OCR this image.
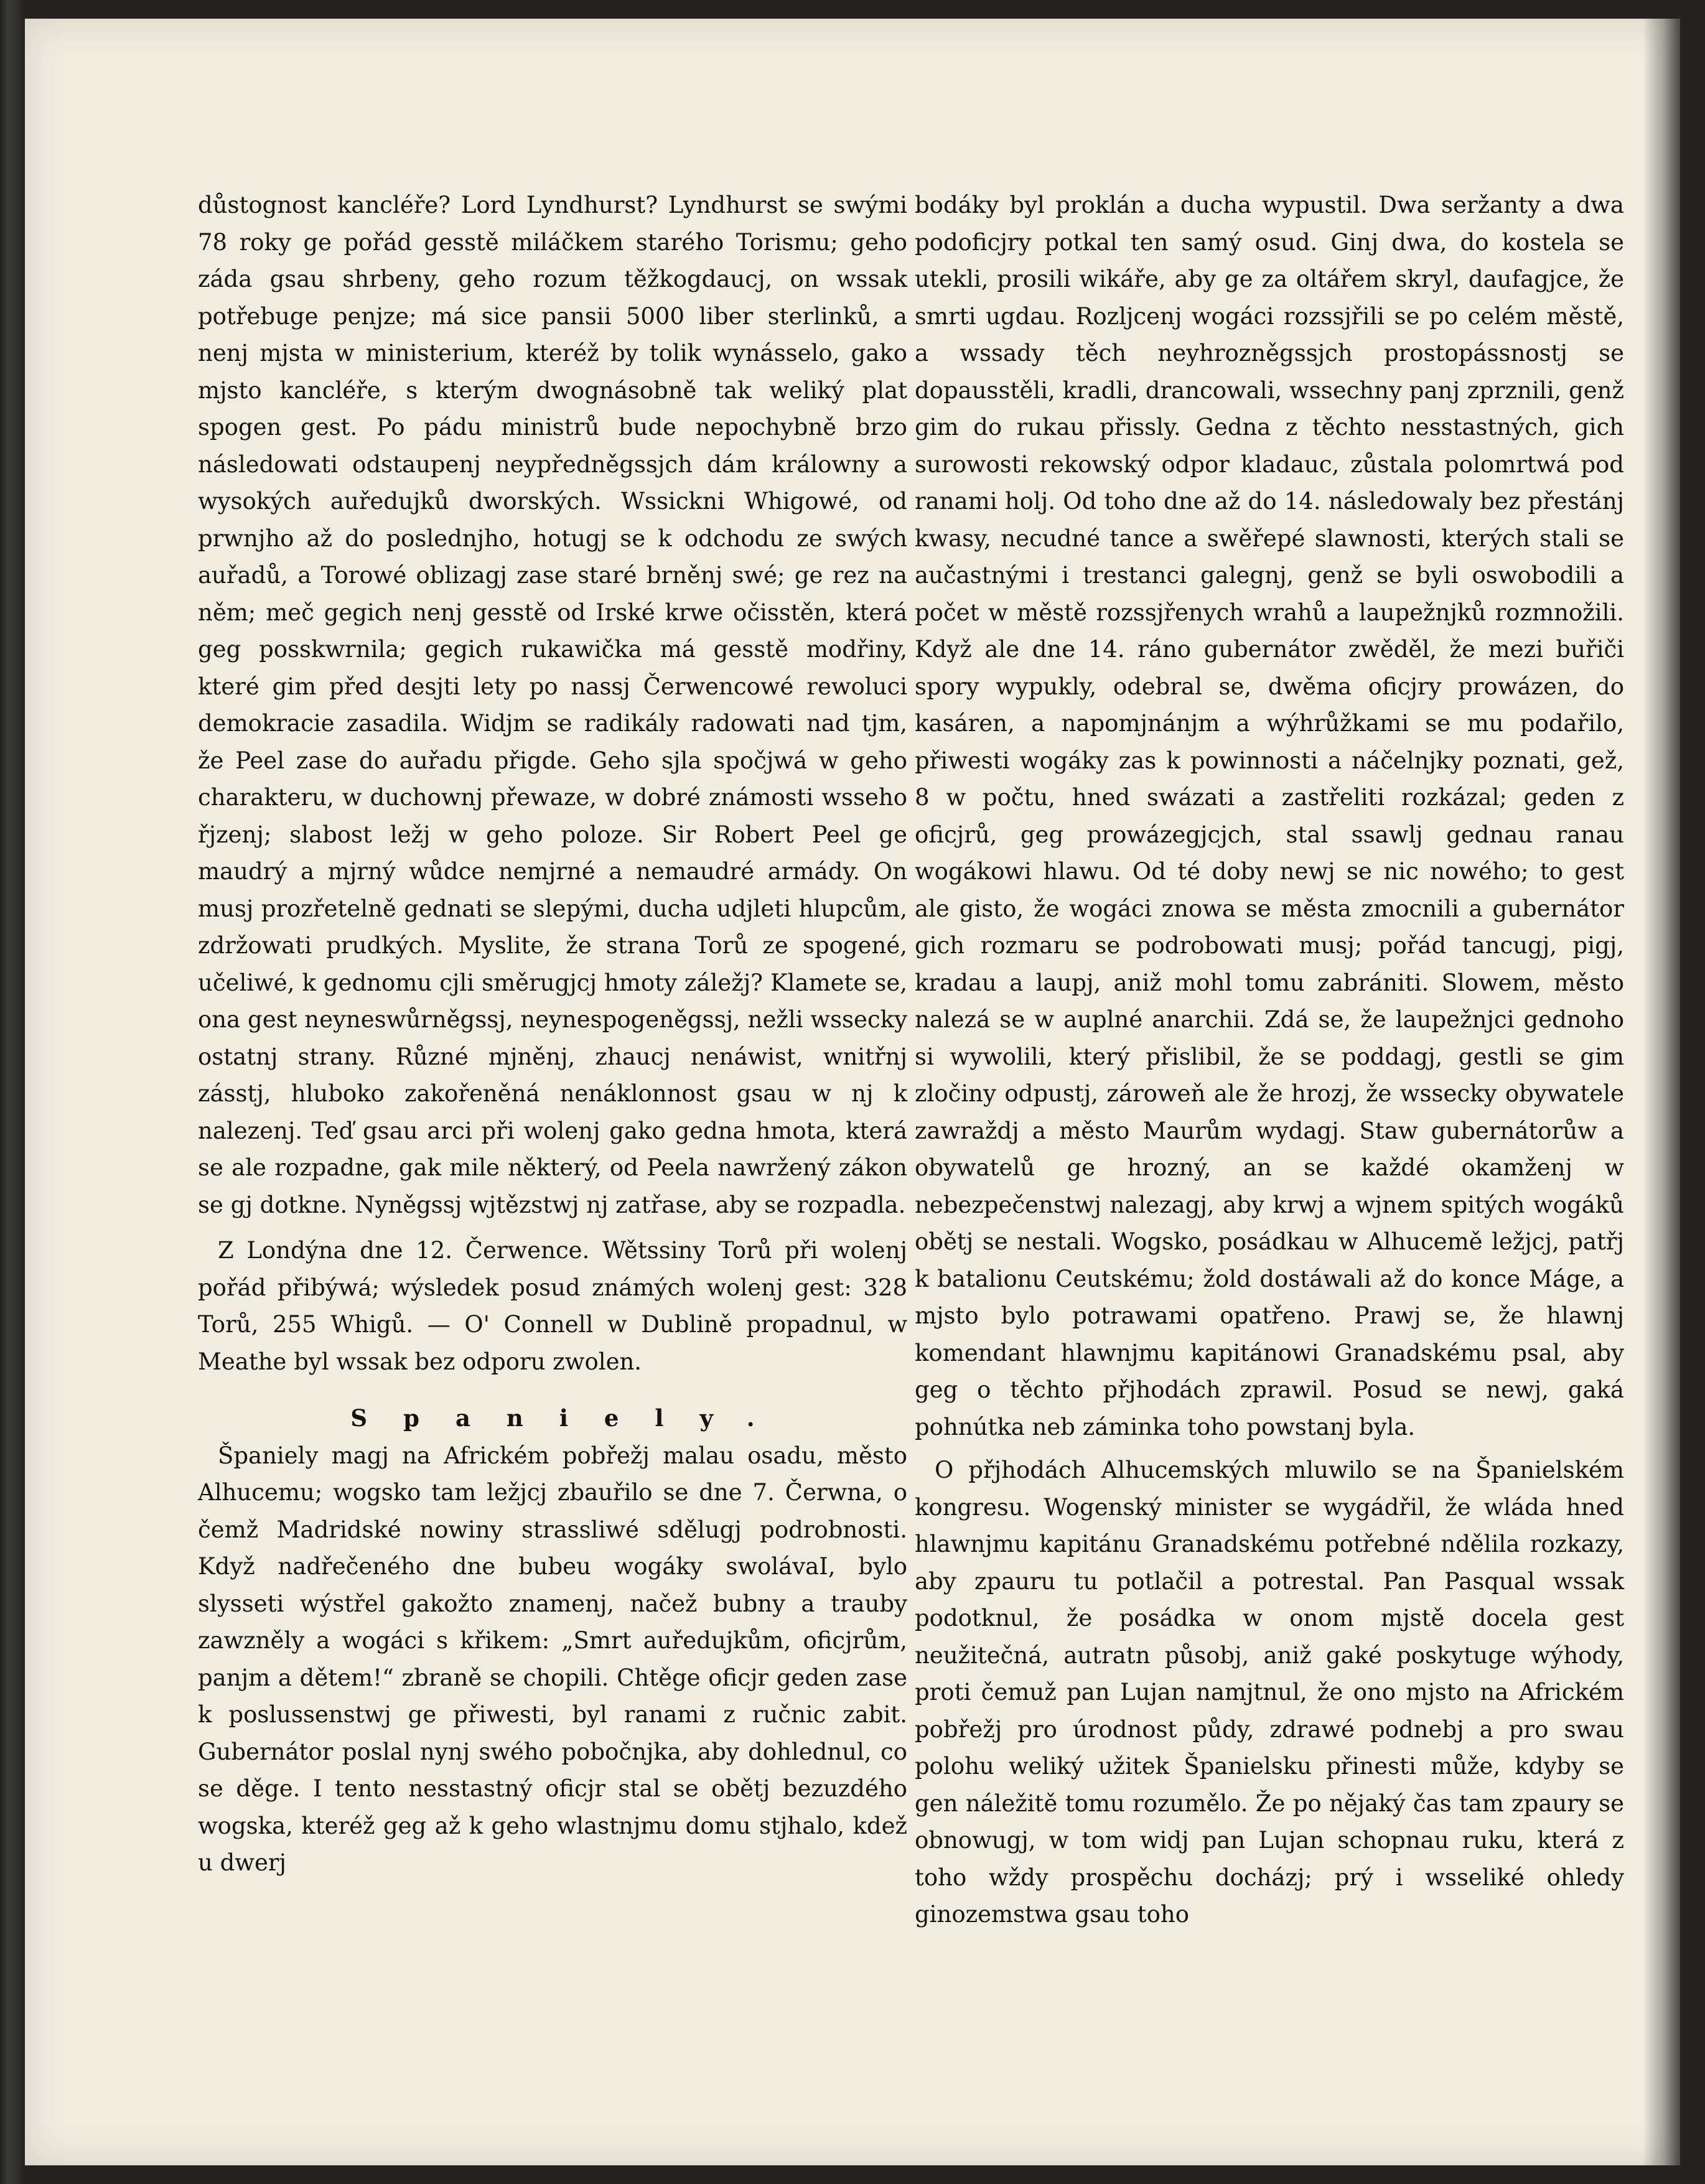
důstognost kancléře? Lord Lyndhurst? Lyndhurst se swými 78 roky ge pořád gesstě miláčkem starého Torismu; geho záda gsau shrbeny, geho rozum těžkogdaucj, on wssak potřebuge penjze; má sice pansii 5000 liber sterlinků, a nenj mjsta w ministerium, kteréž by tolik wynásselo, gako mjsto kancléře, s kterým dwognásobně tak weliký plat spogen gest. Po pádu ministrů bude nepochybně brzo následowati odstaupenj neypředněgssjch dám králowny a wysokých auředujků dworských. Wssickni Whigowé, od prwnjho až do poslednjho, hotugj se k odchodu ze swých auřadů, a Torowé oblizagj zase staré brněnj swé; ge rez na něm; meč gegich nenj gesstě od Irské krwe očisstěn, která geg posskwrnila; gegich rukawička má gesstě modřiny, které gim před desjti lety po nassj Čerwencowé rewoluci demokracie zasadila. Widjm se radikály radowati nad tjm, že Peel zase do auřadu přigde. Geho sjla spočjwá w geho charakteru, w duchownj přewaze, w dobré známosti wsseho řjzenj; slabost ležj w geho poloze. Sir Robert Peel ge maudrý a mjrný wůdce nemjrné a nemaudré armády. On musj prozřetelně gednati se slepými, ducha udjleti hlupcům, zdržowati prudkých. Myslite, že strana Torů ze spogené, učeliwé, k gednomu cjli směrugjcj hmoty záležj? Klamete se, ona gest neyneswůrněgssj, neynespogeněgssj, nežli wssecky ostatnj strany. Různé mjněnj, zhaucj nenáwist, wnitřnj zásstj, hluboko zakořeněná nenáklonnost gsau w nj k nalezenj. Teď gsau arci při wolenj gako gedna hmota, která se ale rozpadne, gak mile některý, od Peela nawržený zákon se gj dotkne. Nyněgssj wjtězstwj nj zatřase, aby se rozpadla.

Z Londýna dne 12. Čerwence. Wětssiny Torů při wolenj pořád přibýwá; wýsledek posud známých wolenj gest: 328 Torů, 255 Whigů. — O' Connell w Dublině propadnul, w Meathe byl wssak bez odporu zwolen.

Spaniely.

Španiely magj na Africkém pobřežj malau osadu, město Alhucemu; wogsko tam ležjcj zbauřilo se dne 7. Čerwna, o čemž Madridské nowiny strassliwé sdělugj podrobnosti. Když nadřečeného dne bubeu wogáky swolávaI, bylo slysseti wýstřel gakožto znamenj, načež bubny a trauby zawzněly a wogáci s křikem: „Smrt auředujkům, oficjrům, panjm a dětem!“ zbraně se chopili. Chtěge oficjr geden zase k poslussenstwj ge přiwesti, byl ranami z ručnic zabit. Gubernátor poslal nynj swého pobočnjka, aby dohlednul, co se děge. I tento nesstastný oficjr stal se obětj bezuzdého wogska, kteréž geg až k geho wlastnjmu domu stjhalo, kdež u dwerj

bodáky byl proklán a ducha wypustil. Dwa seržanty a dwa podoficjry potkal ten samý osud. Ginj dwa, do kostela se utekli, prosili wikáře, aby ge za oltářem skryl, daufagjce, že smrti ugdau. Rozljcenj wogáci rozssjřili se po celém městě, a wssady těch neyhrozněgssjch prostopássnostj se dopausstěli, kradli, drancowali, wssechny panj zprznili, genž gim do rukau přissly. Gedna z těchto nesstastných, gich surowosti rekowský odpor kladauc, zůstala polomrtwá pod ranami holj. Od toho dne až do 14. následowaly bez přestánj kwasy, necudné tance a swěřepé slawnosti, kterých stali se aučastnými i trestanci galegnj, genž se byli oswobodili a počet w městě rozssjřenych wrahů a laupežnjků rozmnožili. Když ale dne 14. ráno gubernátor zwěděl, že mezi buřiči spory wypukly, odebral se, dwěma oficjry prowázen, do kasáren, a napomjnánjm a wýhrůžkami se mu podařilo, přiwesti wogáky zas k powinnosti a náčelnjky poznati, gež, 8 w počtu, hned swázati a zastřeliti rozkázal; geden z oficjrů, geg prowázegjcjch, stal ssawlj gednau ranau wogákowi hlawu. Od té doby newj se nic nowého; to gest ale gisto, že wogáci znowa se města zmocnili a gubernátor gich rozmaru se podrobowati musj; pořád tancugj, pigj, kradau a laupj, aniž mohl tomu zabrániti. Slowem, město nalezá se w auplné anarchii. Zdá se, že laupežnjci gednoho si wywolili, který přislibil, že se poddagj, gestli se gim zločiny odpustj, zároweň ale že hrozj, že wssecky obywatele zawraždj a město Maurům wydagj. Staw gubernátorůw a obywatelů ge hrozný, an se každé okamženj w nebezpečenstwj nalezagj, aby krwj a wjnem spitých wogáků obětj se nestali. Wogsko, posádkau w Alhucemě ležjcj, patřj k batalionu Ceutskému; žold dostáwali až do konce Máge, a mjsto bylo potrawami opatřeno. Prawj se, že hlawnj komendant hlawnjmu kapitánowi Granadskému psal, aby geg o těchto přjhodách zprawil. Posud se newj, gaká pohnútka neb záminka toho powstanj byla.

O přjhodách Alhucemských mluwilo se na Španielském kongresu. Wogenský minister se wygádřil, že wláda hned hlawnjmu kapitánu Granadskému potřebné ndělila rozkazy, aby zpauru tu potlačil a potrestal. Pan Pasqual wssak podotknul, že posádka w onom mjstě docela gest neužitečná, autratn působj, aniž gaké poskytuge wýhody, proti čemuž pan Lujan namjtnul, že ono mjsto na Africkém pobřežj pro úrodnost půdy, zdrawé podnebj a pro swau polohu weliký užitek Španielsku přinesti může, kdyby se gen náležitě tomu rozumělo. Že po nějaký čas tam zpaury se obnowugj, w tom widj pan Lujan schopnau ruku, která z toho wždy prospěchu docházj; prý i wsseliké ohledy ginozemstwa gsau toho
